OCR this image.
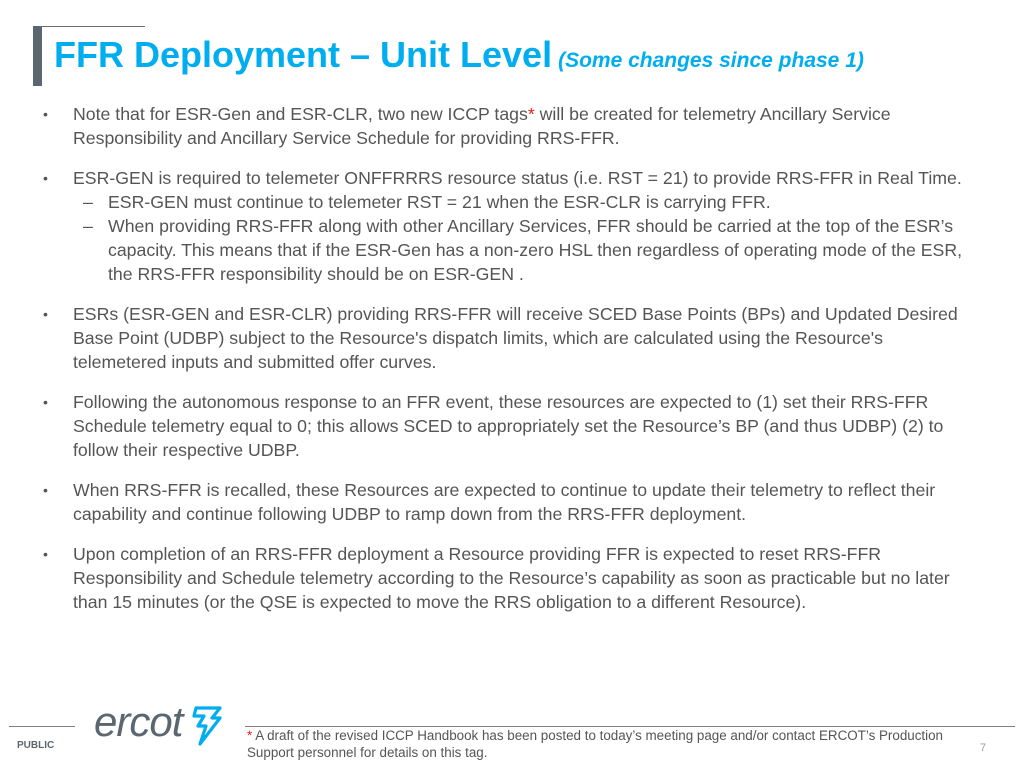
FFR Deployment – Unit Level (Some changes since phase 1)
• Note that for ESR-Gen and ESR-CLR, two new ICCP tags* will be created for telemetry Ancillary Service Responsibility and Ancillary Service Schedule for providing RRS-FFR.
• ESR-GEN is required to telemeter ONFFRRRS resource status (i.e. RST = 21) to provide RRS-FFR in Real Time.
– ESR-GEN must continue to telemeter RST = 21 when the ESR-CLR is carrying FFR.
– When providing RRS-FFR along with other Ancillary Services, FFR should be carried at the top of the ESR’s capacity. This means that if the ESR-Gen has a non-zero HSL then regardless of operating mode of the ESR, the RRS-FFR responsibility should be on ESR-GEN .
• ESRs (ESR-GEN and ESR-CLR) providing RRS-FFR will receive SCED Base Points (BPs) and Updated Desired Base Point (UDBP) subject to the Resource's dispatch limits, which are calculated using the Resource's telemetered inputs and submitted offer curves.
• Following the autonomous response to an FFR event, these resources are expected to (1) set their RRS-FFR Schedule telemetry equal to 0; this allows SCED to appropriately set the Resource’s BP (and thus UDBP) (2) to follow their respective UDBP.
• When RRS-FFR is recalled, these Resources are expected to continue to update their telemetry to reflect their capability and continue following UDBP to ramp down from the RRS-FFR deployment.
• Upon completion of an RRS-FFR deployment a Resource providing FFR is expected to reset RRS-FFR Responsibility and Schedule telemetry according to the Resource’s capability as soon as practicable but no later than 15 minutes (or the QSE is expected to move the RRS obligation to a different Resource).
PUBLIC
ercot	* A draft of the revised ICCP Handbook has been posted to today’s meeting page and/or contact ERCOT’s Production Support personnel for details on this tag.	7
